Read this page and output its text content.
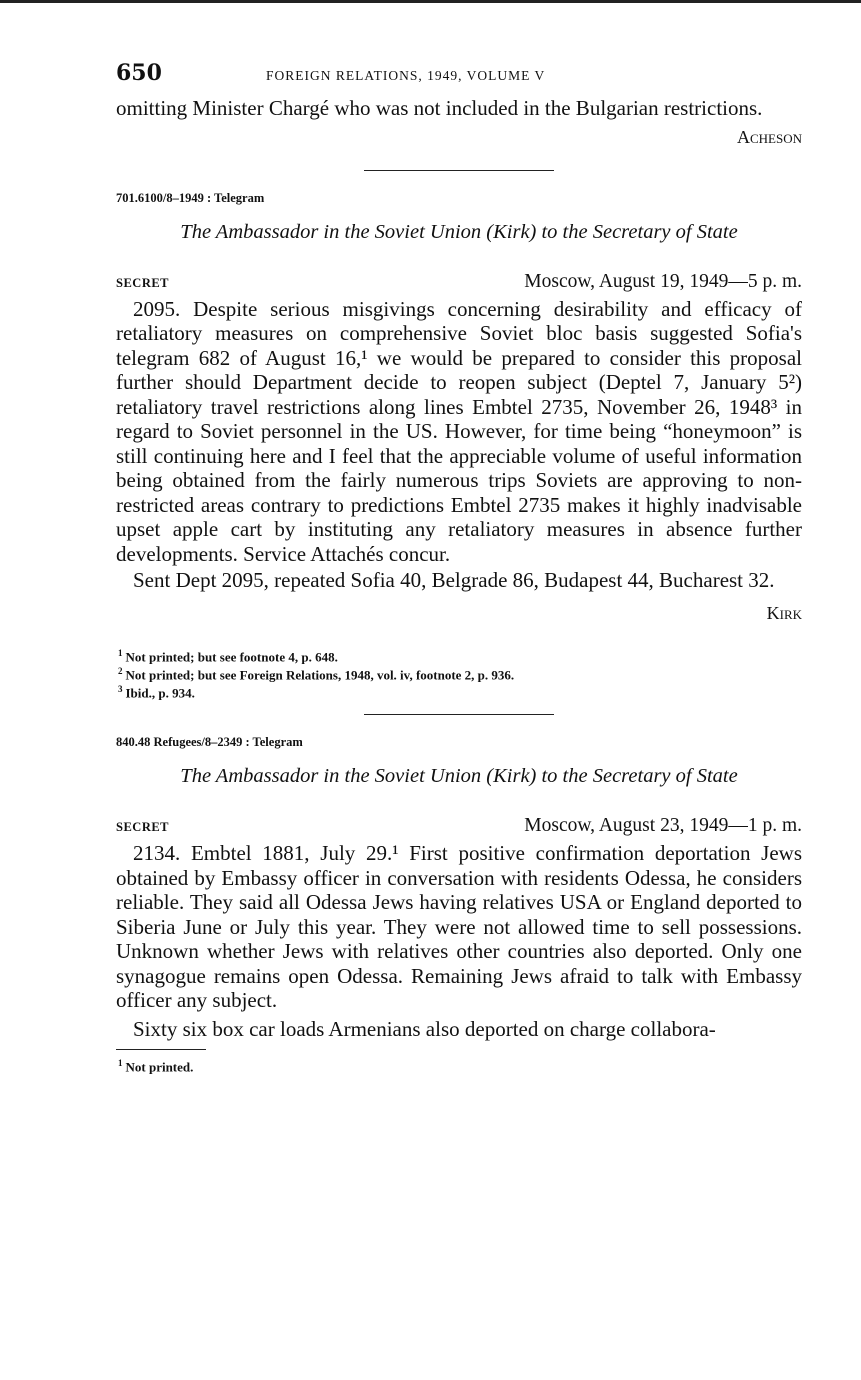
650	FOREIGN RELATIONS, 1949, VOLUME V

omitting Minister Chargé who was not included in the Bulgarian restrictions.

Acheson
701.6100/8–1949 : Telegram
The Ambassador in the Soviet Union (Kirk) to the Secretary of State
SECRET	Moscow, August 19, 1949—5 p. m.

2095. Despite serious misgivings concerning desirability and efficacy of retaliatory measures on comprehensive Soviet bloc basis suggested Sofia's telegram 682 of August 16,¹ we would be prepared to consider this proposal further should Department decide to reopen subject (Deptel 7, January 5²) retaliatory travel restrictions along lines Embtel 2735, November 26, 1948³ in regard to Soviet personnel in the US. However, for time being “honeymoon” is still continuing here and I feel that the appreciable volume of useful information being obtained from the fairly numerous trips Soviets are approving to non-restricted areas contrary to predictions Embtel 2735 makes it highly inadvisable upset apple cart by instituting any retaliatory measures in absence further developments. Service Attachés concur.

Sent Dept 2095, repeated Sofia 40, Belgrade 86, Budapest 44, Bucharest 32.

Kirk
$^1$ Not printed; but see footnote 4, p. 648.
$^2$ Not printed; but see Foreign Relations, 1948, vol. iv, footnote 2, p. 936.
$^3$ Ibid., p. 934.
840.48 Refugees/8–2349 : Telegram
The Ambassador in the Soviet Union (Kirk) to the Secretary of State
SECRET	Moscow, August 23, 1949—1 p. m.

2134. Embtel 1881, July 29.¹ First positive confirmation deportation Jews obtained by Embassy officer in conversation with residents Odessa, he considers reliable. They said all Odessa Jews having relatives USA or England deported to Siberia June or July this year. They were not allowed time to sell possessions. Unknown whether Jews with relatives other countries also deported. Only one synagogue remains open Odessa. Remaining Jews afraid to talk with Embassy officer any subject.

Sixty six box car loads Armenians also deported on charge collabora-

$^1$ Not printed.
